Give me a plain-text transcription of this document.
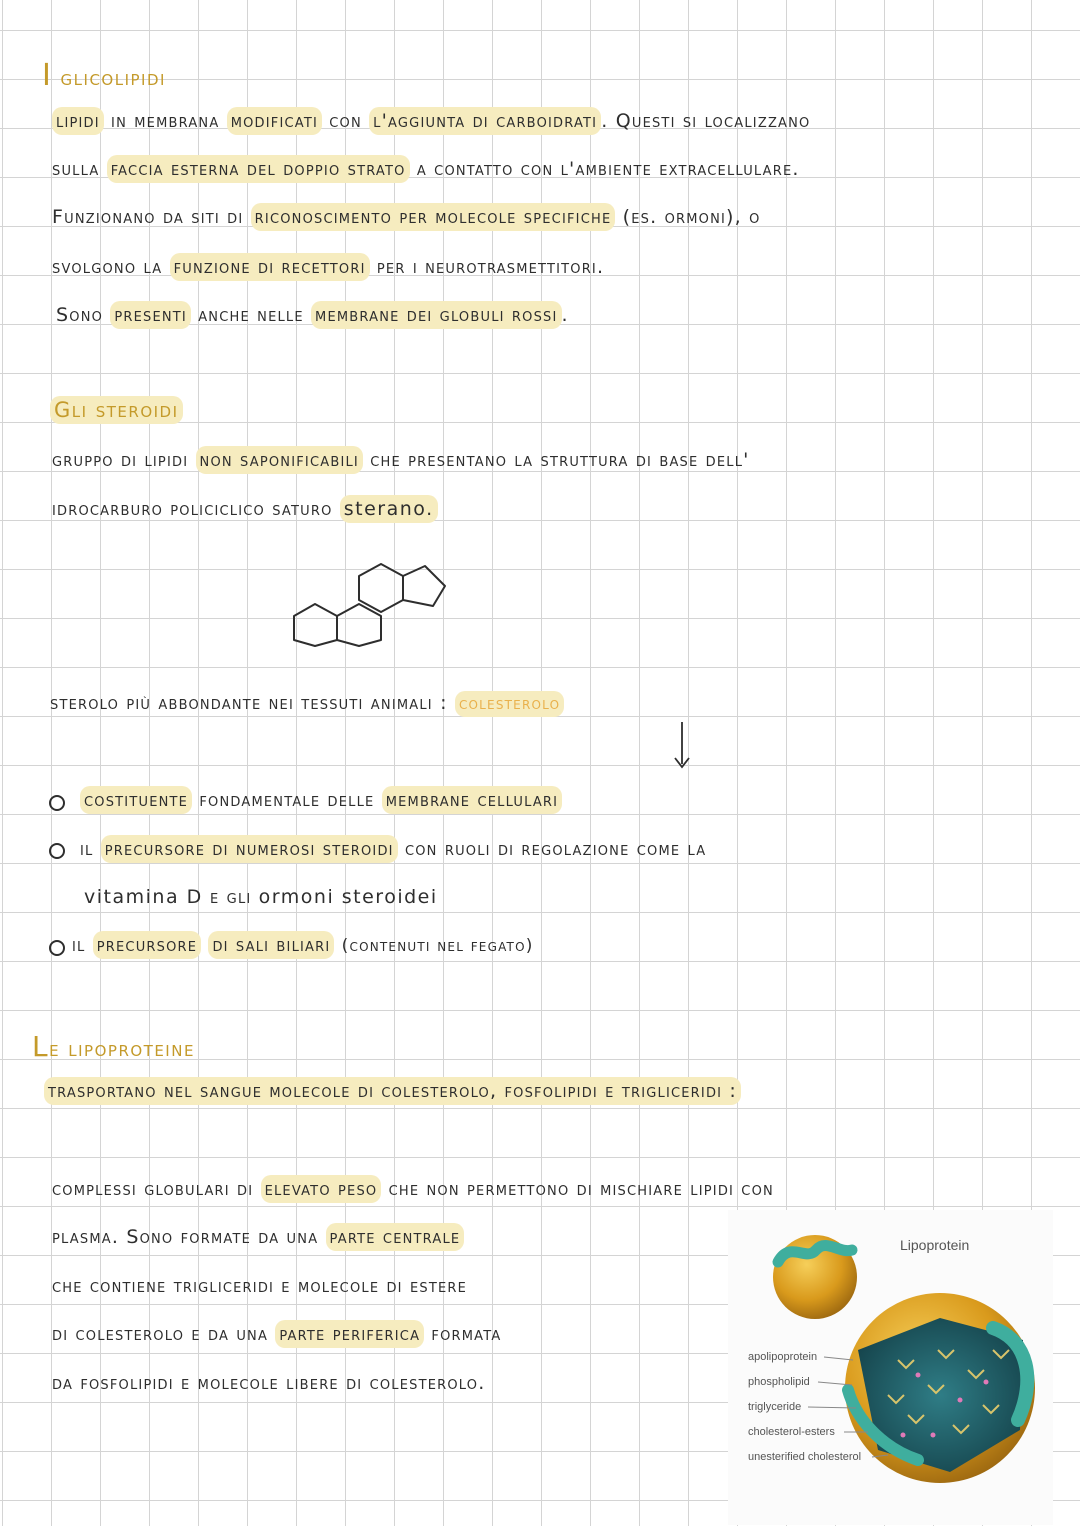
I glicolipidi
lipidi in membrana modificati con l'aggiunta di carboidrati . Questi si localizzano
sulla faccia esterna del doppio strato a contatto con l'ambiente extracellulare.
Funzionano da siti di riconoscimento per molecole specifiche (es. ormoni), o
svolgono la funzione di recettori per i neurotrasmettitori.
Sono presenti anche nelle membrane dei globuli rossi .
Gli steroidi
gruppo di lipidi non saponificabili che presentano la struttura di base dell'
idrocarburo policiclico saturo sterano.
sterolo più abbondante nei tessuti animali : colesterolo
costituente fondamentale delle membrane cellulari
il precursore di numerosi steroidi con ruoli di regolazione come la
vitamina D e gli ormoni steroidei
il precursore di sali biliari (contenuti nel fegato)
Le lipoproteine
trasportano nel sangue molecole di colesterolo, fosfolipidi e trigliceridi :
complessi globulari di elevato peso che non permettono di mischiare lipidi con
plasma. Sono formate da una parte centrale
che contiene trigliceridi e molecole di estere
di colesterolo e da una parte periferica formata
da fosfolipidi e molecole libere di colesterolo.
Lipoprotein
apolipoprotein
phospholipid
triglyceride
cholesterol-esters
unesterified cholesterol
